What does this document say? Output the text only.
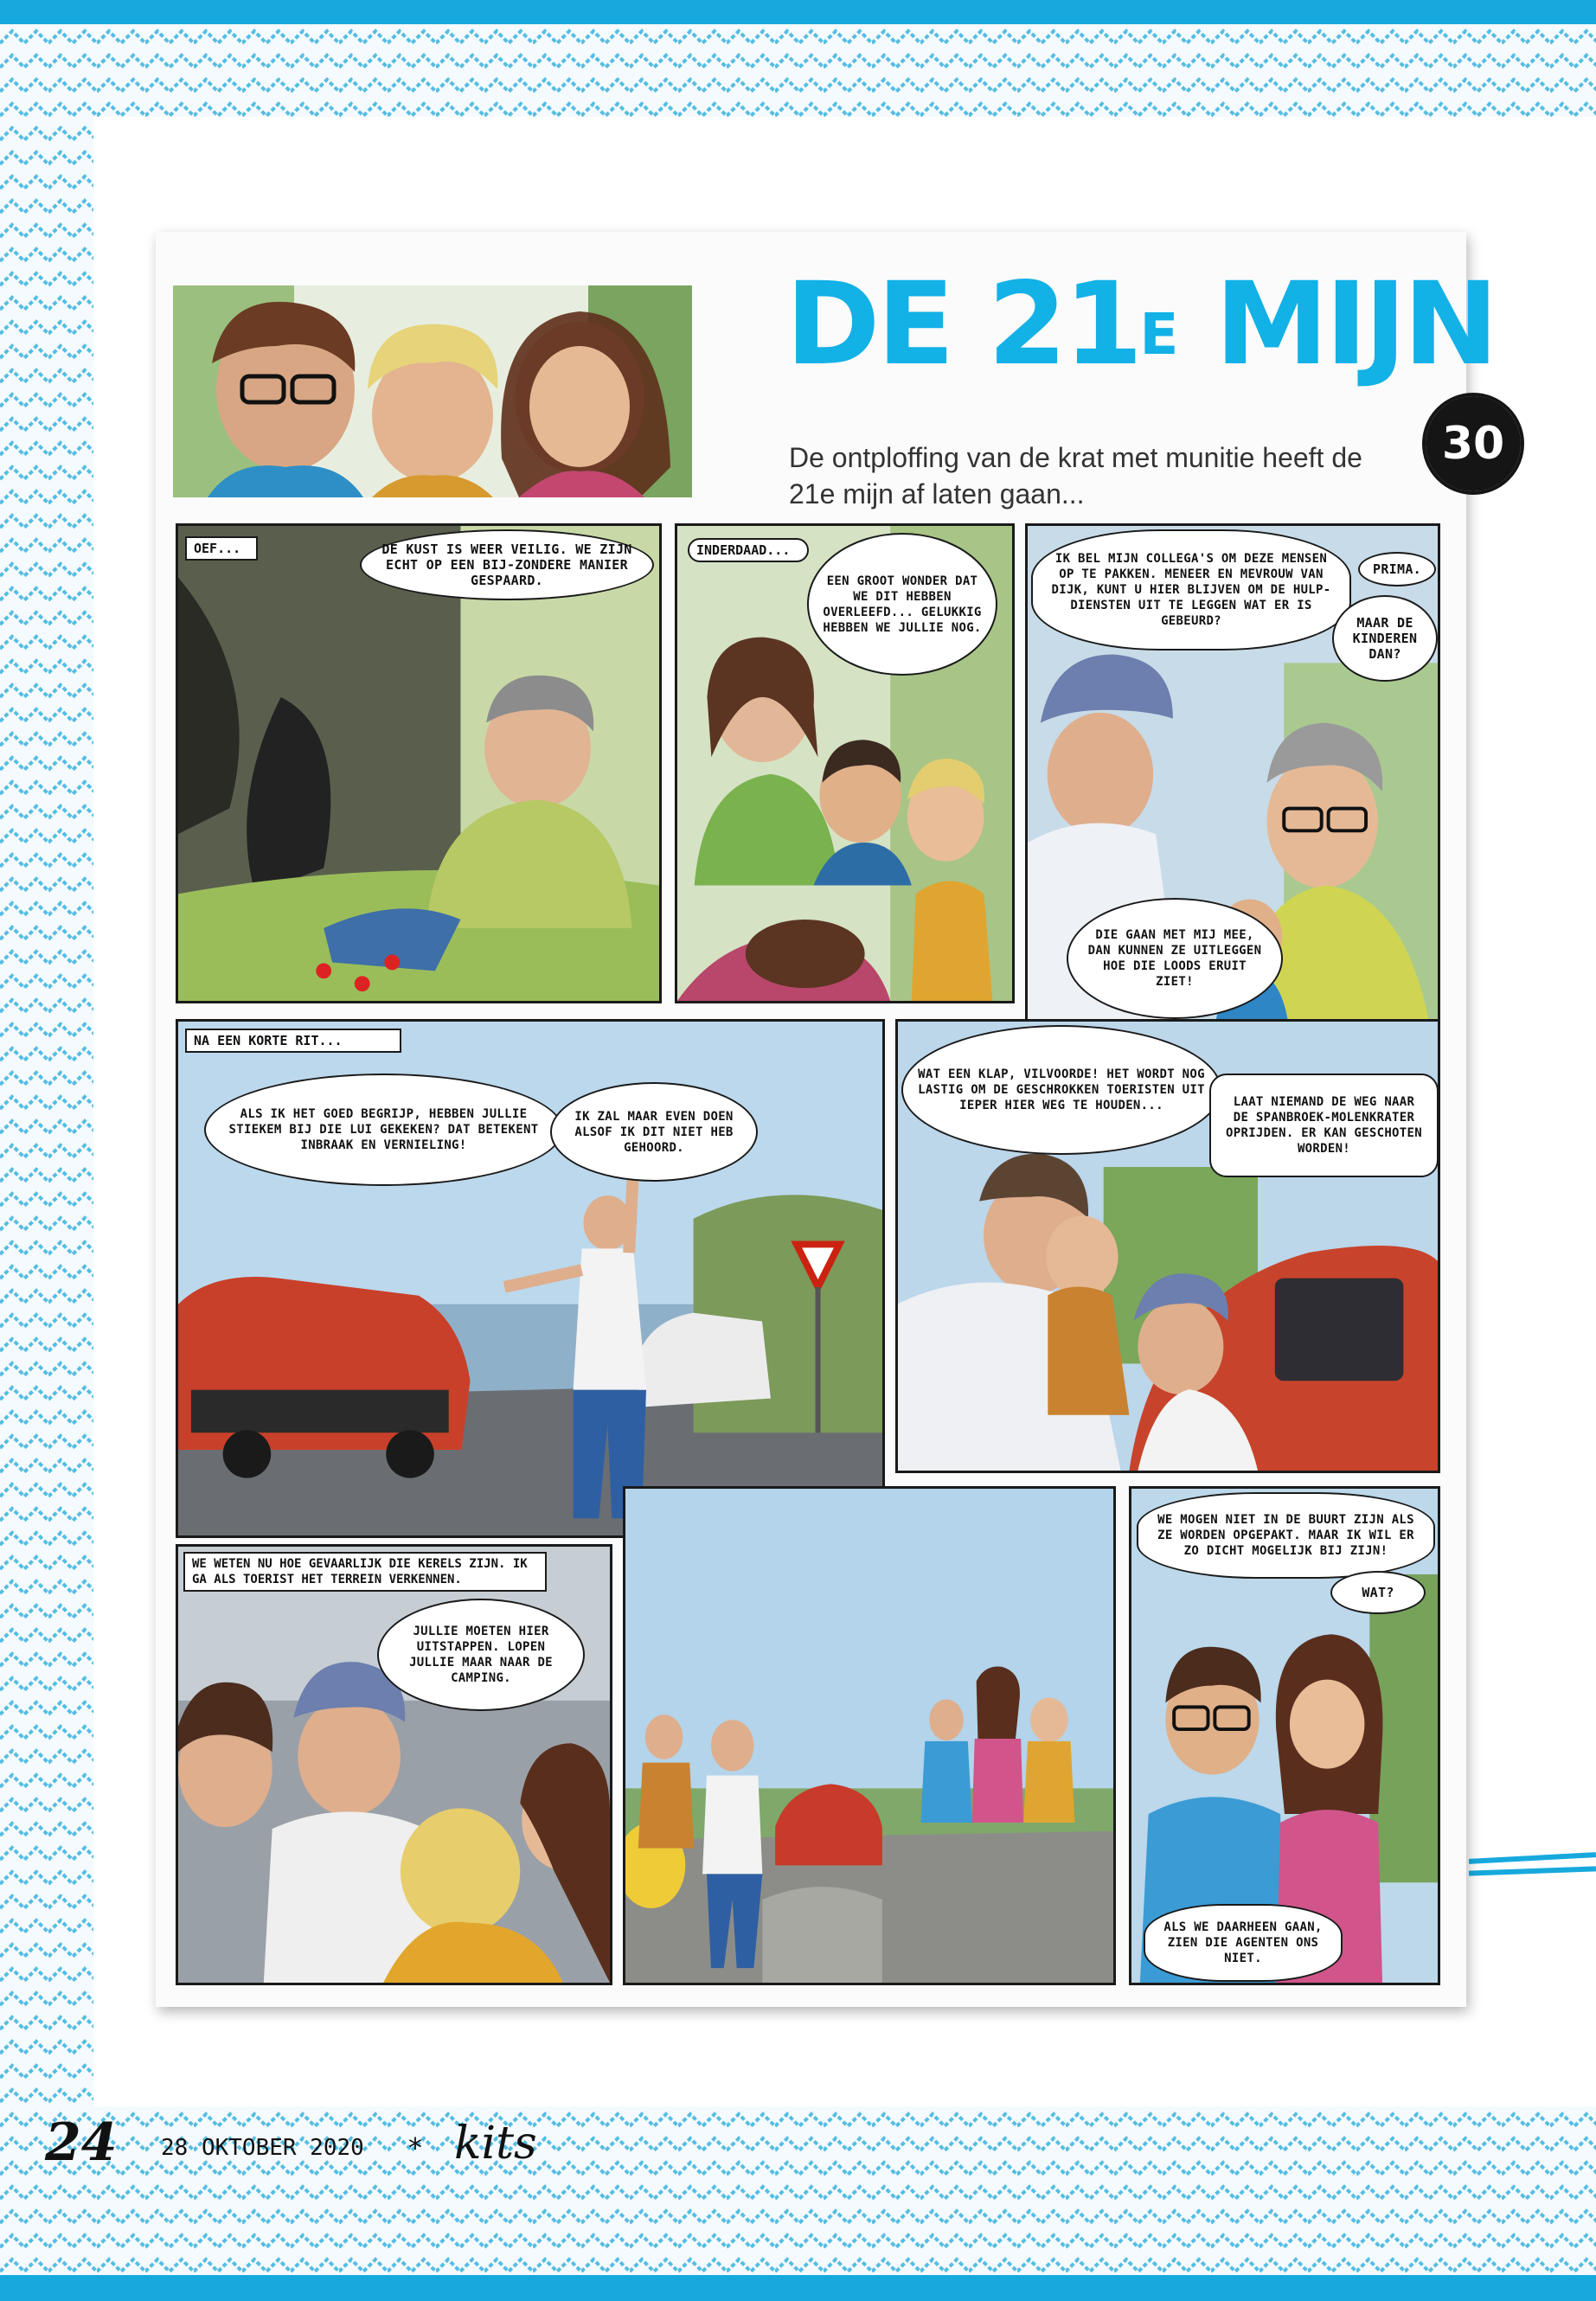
DE $21^E$ MIJN
De ontploffing van de krat met munitie heeft de 21e mijn af laten gaan...
30
OEF...	DE KUST IS WEER VEILIG. WE ZIJN ECHT OP EEN BIJ-ZONDERE MANIER GESPAARD.
INDERDAAD...
EEN GROOT WONDER DAT WE DIT HEBBEN OVERLEEFD... GELUKKIG HEBBEN WE JULLIE NOG.
IK BEL MIJN COLLEGA'S OM DEZE MENSEN OP TE PAKKEN. MENEER EN MEVROUW VAN DIJK, KUNT U HIER BLIJVEN OM DE HULP-DIENSTEN UIT TE LEGGEN WAT ER IS GEBEURD?
PRIMA.
MAAR DE KINDEREN DAN?
DIE GAAN MET MIJ MEE, DAN KUNNEN ZE UITLEGGEN HOE DIE LOODS ERUIT ZIET!
NA EEN KORTE RIT...
ALS IK HET GOED BEGRIJP, HEBBEN JULLIE STIEKEM BIJ DIE LUI GEKEKEN? DAT BETEKENT INBRAAK EN VERNIELING!
IK ZAL MAAR EVEN DOEN ALSOF IK DIT NIET HEB GEHOORD.
WAT EEN KLAP, VILVOORDE! HET WORDT NOG LASTIG OM DE GESCHROKKEN TOERISTEN UIT IEPER HIER WEG TE HOUDEN...	LAAT NIEMAND DE WEG NAAR DE SPANBROEK-MOLENKRATER OPRIJDEN. ER KAN GESCHOTEN WORDEN!
WE WETEN NU HOE GEVAARLIJK DIE KERELS ZIJN. IK GA ALS TOERIST HET TERREIN VERKENNEN.
JULLIE MOETEN HIER UITSTAPPEN. LOPEN JULLIE MAAR NAAR DE CAMPING.
WE MOGEN NIET IN DE BUURT ZIJN ALS ZE WORDEN OPGEPAKT. MAAR IK WIL ER ZO DICHT MOGELIJK BIJ ZIJN!
WAT?
ALS WE DAARHEEN GAAN, ZIEN DIE AGENTEN ONS NIET.
24 28 OKTOBER 2020 * kits
